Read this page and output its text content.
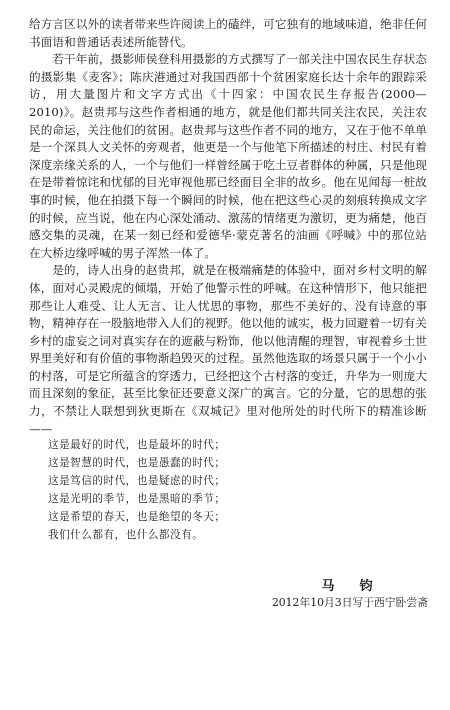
给方言区以外的读者带来些许阅读上的磕绊，可它独有的地域味道，绝非任何书面语和普通话表述所能替代。

若干年前，摄影师侯登科用摄影的方式撰写了一部关注中国农民生存状态的摄影集《麦客》；陈庆港通过对我国西部十个贫困家庭长达十余年的跟踪采访，用大量图片和文字方式出《十四家：中国农民生存报告(2000—2010)》。赵贵邦与这些作者相通的地方，就是他们都共同关注农民，关注农民的命运，关注他们的贫困。赵贵邦与这些作者不同的地方，又在于他不单单是一个深具人文关怀的旁观者，他更是一个与他笔下所描述的村庄、村民有着深度亲缘关系的人，一个与他们一样曾经属于吃土豆者群体的种属，只是他现在是带着惊诧和忧郁的目光审视他那已经面目全非的故乡。他在见闻每一桩故事的时候，他在拍摄下每一个瞬间的时候，他在把这些心灵的刻痕转换成文字的时候，应当说，他在内心深处涌动、激荡的情绪更为激切，更为痛楚，他百感交集的灵魂，在某一刻已经和爱德华·蒙克著名的油画《呼喊》中的那位站在大桥边缘呼喊的男子浑然一体了。

是的，诗人出身的赵贵邦，就是在极端痛楚的体验中，面对乡村文明的解体，面对心灵殿虎的倾塌，开始了他警示性的呼喊。在这种情形下，他只能把那些让人难受、让人无言、让人忧思的事物，那些不美好的、没有诗意的事物，精神存在一股脑地带入人们的视野。他以他的诚实，极力回避着一切有关乡村的虚妄之词对真实存在的遮蔽与粉饰，他以他清醒的理智，审视着乡土世界里美好和有价值的事物渐趋毁灭的过程。虽然他选取的场景只属于一个小小的村落，可是它所蕴含的穿透力，已经把这个古村落的变迁，升华为一则庞大而且深刻的象征，甚至比象征还要意义深广的寓言。它的分量，它的思想的张力，不禁让人联想到狄更斯在《双城记》里对他所处的时代所下的精准诊断——

这是最好的时代，也是最坏的时代；
这是智慧的时代，也是愚蠢的时代；
这是笃信的时代，也是疑虑的时代；
这是光明的季节，也是黑暗的季节；
这是希望的春天，也是绝望的冬天；
我们什么都有，也什么都没有。
马　钧
2012年10月3日写于西宁卧尝斋
